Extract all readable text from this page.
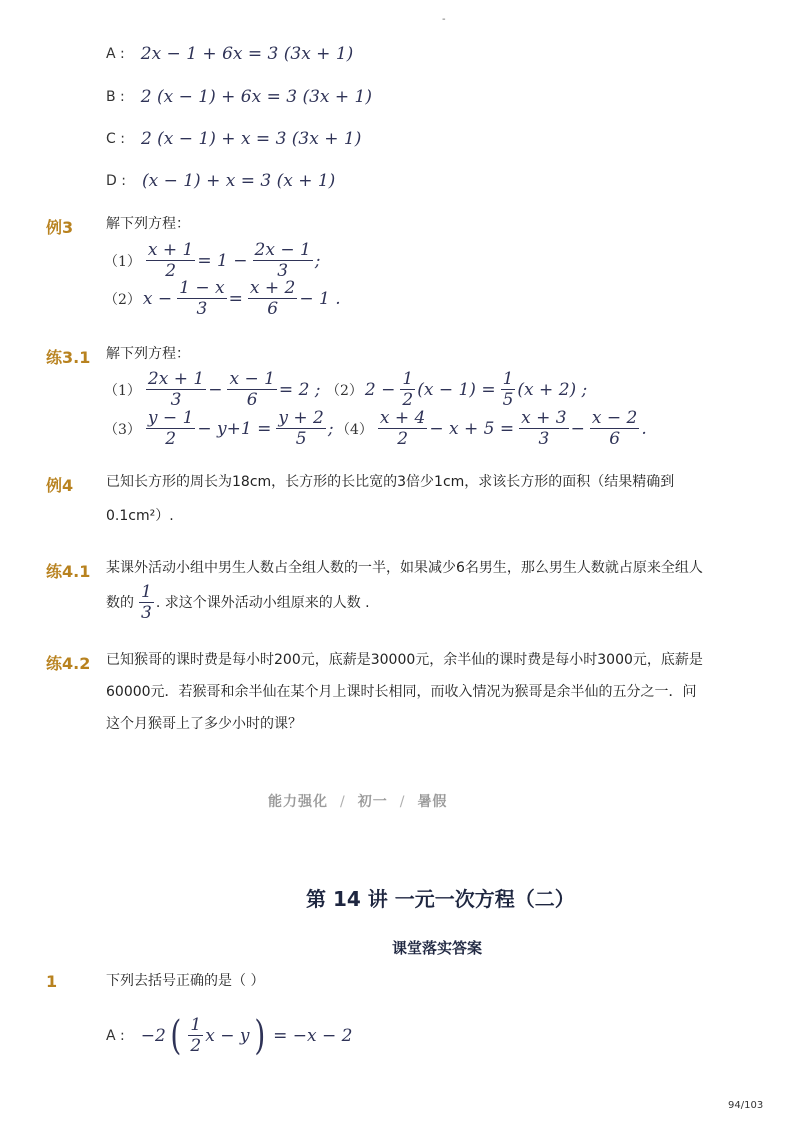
-
A : 2x − 1 + 6x = 3 (3x + 1)
B : 2 (x − 1) + 6x = 3 (3x + 1)
C : 2 (x − 1) + x = 3 (3x + 1)
D : (x − 1) + x = 3 (x + 1)
例3 解下列方程：
$(1) \frac{x + 1}{2} = 1 - \frac{2x - 1}{3}$ ;
（2） $x - \frac{1 - x}{3} = \frac{x + 2}{6} - 1$ .
练3.1 解下列方程：
$(1) \frac{2x + 1}{3} - \frac{x - 1}{6} = 2$ ; （2） $2 - \frac{1}{2} (x - 1) = \frac{1}{5} (x + 2)$ ;
$(3) \frac{y - 1}{2} - y+1 = \frac{y + 2}{5}$ ; $(4) \frac{x + 4}{2} - x + 5 = \frac{x + 3}{3} - \frac{x - 2}{6}$ .
例4 已知长方形的周长为18cm，长方形的长比宽的3倍少1cm，求该长方形的面积（结果精确到
0.1cm²）.
练4.1 某课外活动小组中男生人数占全组人数的一半，如果减少6名男生，那么男生人数就占原来全组人
数的 $\frac{1}{3}$ . 求这个课外活动小组原来的人数 .
练4.2 已知猴哥的课时费是每小时200元，底薪是30000元，余半仙的课时费是每小时3000元，底薪是
60000元．若猴哥和余半仙在某个月上课时长相同，而收入情况为猴哥是余半仙的五分之一．问
这个月猴哥上了多少小时的课？
能力强化 / 初一 / 暑假
第 14 讲 一元一次方程（二）
课堂落实答案
1	下列去括号正确的是（ ）
A : −2 ( $\frac{1}{2}$ x − y ) = −x − 2
94/103
